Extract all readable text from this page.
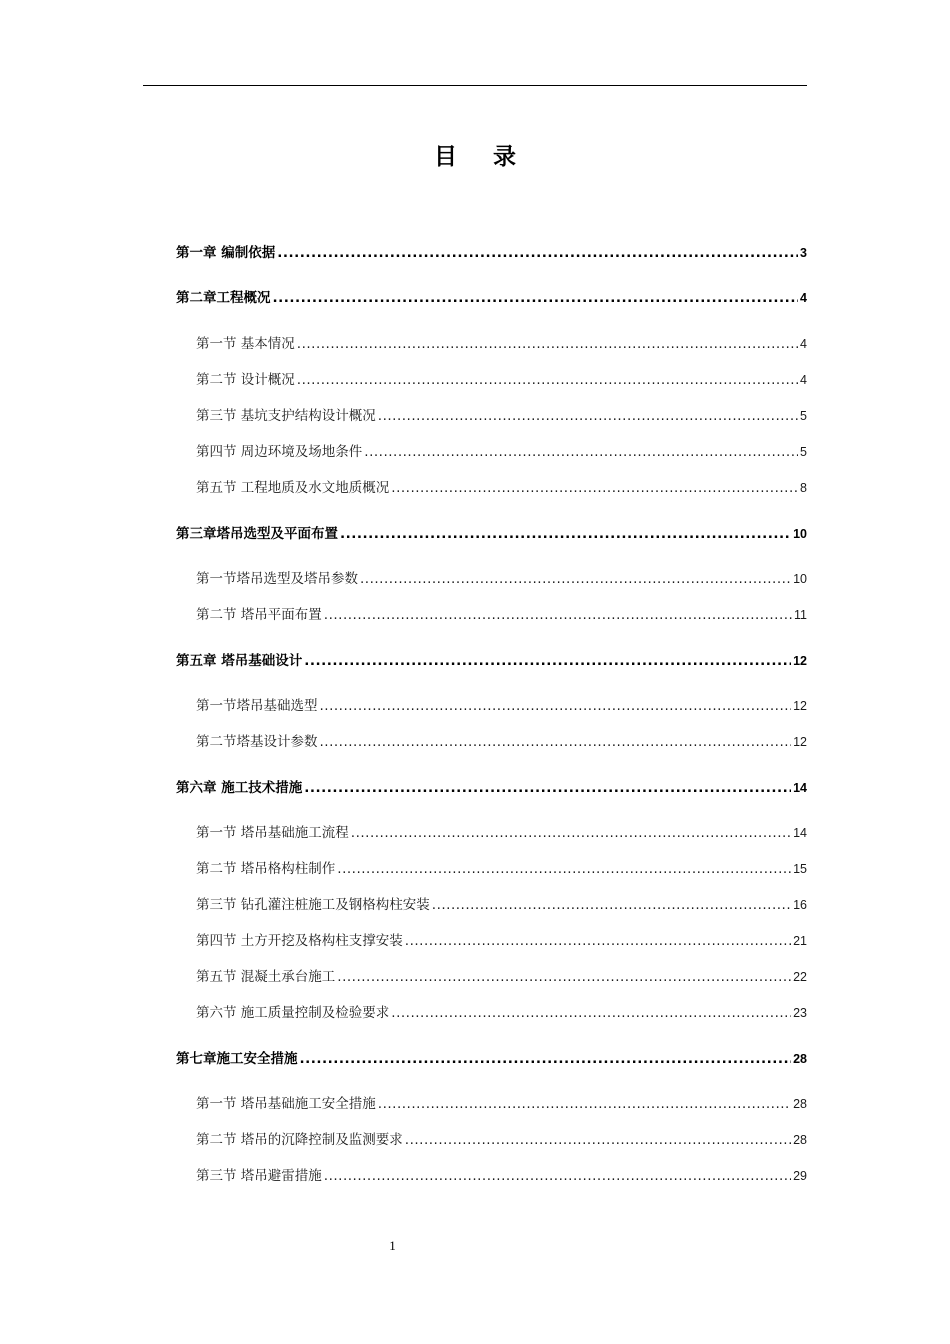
目 录
第一章 编制依据 .....	3
第二章工程概况 .....	4
第一节 基本情况 .....	4
第二节 设计概况 .....	4
第三节 基坑支护结构设计概况 .....	5
第四节 周边环境及场地条件 .....	5
第五节 工程地质及水文地质概况 .....	8
第三章塔吊选型及平面布置 .....	10
第一节塔吊选型及塔吊参数 .....	10
第二节 塔吊平面布置 .....	11
第五章 塔吊基础设计 .....	12
第一节塔吊基础选型 .....	12
第二节塔基设计参数 .....	12
第六章 施工技术措施 .....	14
第一节 塔吊基础施工流程 .....	14
第二节 塔吊格构柱制作 .....	15
第三节 钻孔灌注桩施工及钢格构柱安装 .....	16
第四节 土方开挖及格构柱支撑安装 .....	21
第五节 混凝土承台施工 .....	22
第六节 施工质量控制及检验要求 .....	23
第七章施工安全措施 .....	28
第一节 塔吊基础施工安全措施 .....	28
第二节 塔吊的沉降控制及监测要求 .....	28
第三节 塔吊避雷措施 .....	29
1
